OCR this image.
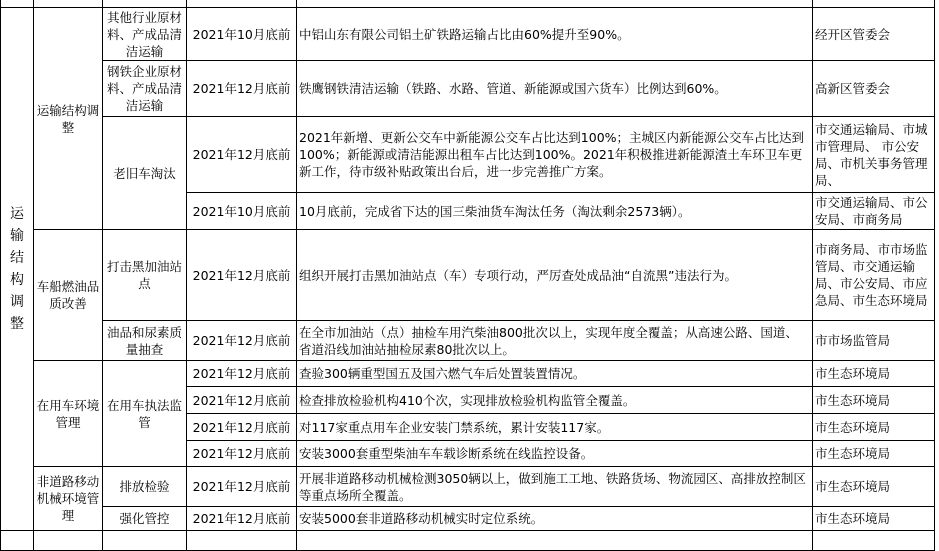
运输结构调整	运输结构调整	其他行业原材料、产成品清洁运输	2021年10月底前	中铝山东有限公司铝土矿铁路运输占比由60%提升至90%。	经开区管委会
		钢铁企业原材料、产成品清洁运输	2021年12月底前	铁鹰钢铁清洁运输（铁路、水路、管道、新能源或国六货车）比例达到60%。	高新区管委会
		老旧车淘汰	2021年12月底前	2021年新增、更新公交车中新能源公交车占比达到100%；主城区内新能源公交车占比达到100%；新能源或清洁能源出租车占比达到100%。2021年积极推进新能源渣土车环卫车更新工作，待市级补贴政策出台后，进一步完善推广方案。	市交通运输局、市城市管理局、 市公安局、市机关事务管理局、
			2021年10月底前	10月底前，完成省下达的国三柴油货车淘汰任务（淘汰剩余2573辆）。	市交通运输局、市公安局、市商务局
	车船燃油品质改善	打击黑加油站点	2021年12月底前	组织开展打击黑加油站点（车）专项行动，严厉查处成品油“自流黑”违法行为。	市商务局、市市场监管局、市交通运输局、市公安局、市应急局、市生态环境局
		油品和尿素质量抽查	2021年12月底前	在全市加油站（点）抽检车用汽柴油800批次以上，实现年度全覆盖；从高速公路、国道、省道沿线加油站抽检尿素80批次以上。	市市场监管局
	在用车环境管理	在用车执法监管	2021年12月底前	查验300辆重型国五及国六燃气车后处置装置情况。	市生态环境局
			2021年12月底前	检查排放检验机构410个次，实现排放检验机构监管全覆盖。	市生态环境局
			2021年12月底前	对117家重点用车企业安装门禁系统，累计安装117家。	市生态环境局
			2021年12月底前	安装3000套重型柴油车车载诊断系统在线监控设备。	市生态环境局
	非道路移动机械环境管理	排放检验	2021年12月底前	开展非道路移动机械检测3050辆以上，做到施工工地、铁路货场、物流园区、高排放控制区等重点场所全覆盖。	市生态环境局
		强化管控	2021年12月底前	安装5000套非道路移动机械实时定位系统。	市生态环境局
